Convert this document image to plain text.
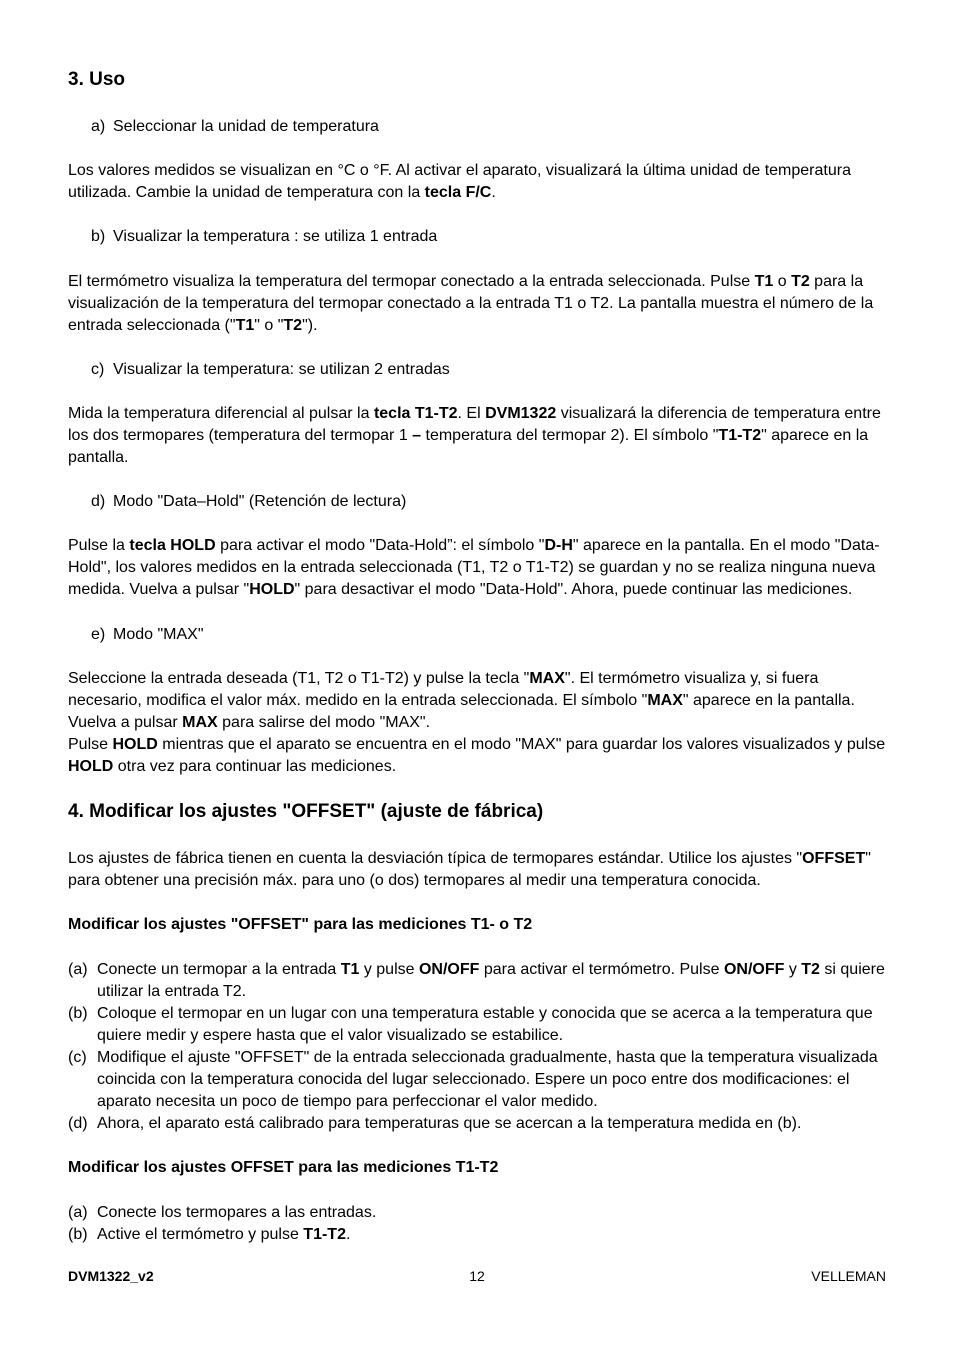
3. Uso

a) Seleccionar la unidad de temperatura

Los valores medidos se visualizan en °C o °F. Al activar el aparato, visualizará la última unidad de temperatura utilizada. Cambie la unidad de temperatura con la tecla F/C.

b) Visualizar la temperatura : se utiliza 1 entrada

El termómetro visualiza la temperatura del termopar conectado a la entrada seleccionada. Pulse T1 o T2 para la visualización de la temperatura del termopar conectado a la entrada T1 o T2. La pantalla muestra el número de la entrada seleccionada ("T1" o "T2").

c) Visualizar la temperatura: se utilizan 2 entradas

Mida la temperatura diferencial al pulsar la tecla T1-T2. El DVM1322 visualizará la diferencia de temperatura entre los dos termopares (temperatura del termopar 1 – temperatura del termopar 2). El símbolo "T1-T2" aparece en la pantalla.

d) Modo "Data–Hold" (Retención de lectura)

Pulse la tecla HOLD para activar el modo "Data-Hold”: el símbolo "D-H" aparece en la pantalla. En el modo "Data-Hold", los valores medidos en la entrada seleccionada (T1, T2 o T1-T2) se guardan y no se realiza ninguna nueva medida. Vuelva a pulsar "HOLD" para desactivar el modo "Data-Hold". Ahora, puede continuar las mediciones.

e) Modo "MAX"

Seleccione la entrada deseada (T1, T2 o T1-T2) y pulse la tecla "MAX". El termómetro visualiza y, si fuera necesario, modifica el valor máx. medido en la entrada seleccionada. El símbolo "MAX" aparece en la pantalla. Vuelva a pulsar MAX para salirse del modo "MAX".

Pulse HOLD mientras que el aparato se encuentra en el modo "MAX" para guardar los valores visualizados y pulse HOLD otra vez para continuar las mediciones.

4. Modificar los ajustes "OFFSET" (ajuste de fábrica)

Los ajustes de fábrica tienen en cuenta la desviación típica de termopares estándar. Utilice los ajustes "OFFSET" para obtener una precisión máx. para uno (o dos) termopares al medir una temperatura conocida.

Modificar los ajustes "OFFSET" para las mediciones T1- o T2
(a) Conecte un termopar a la entrada T1 y pulse ON/OFF para activar el termómetro. Pulse ON/OFF y T2 si quiere utilizar la entrada T2.
(b) Coloque el termopar en un lugar con una temperatura estable y conocida que se acerca a la temperatura que quiere medir y espere hasta que el valor visualizado se estabilice.
(c) Modifique el ajuste "OFFSET" de la entrada seleccionada gradualmente, hasta que la temperatura visualizada coincida con la temperatura conocida del lugar seleccionado. Espere un poco entre dos modificaciones: el aparato necesita un poco de tiempo para perfeccionar el valor medido.
(d) Ahora, el aparato está calibrado para temperaturas que se acercan a la temperatura medida en (b).
Modificar los ajustes OFFSET para las mediciones T1-T2
(a) Conecte los termopares a las entradas.
(b) Active el termómetro y pulse T1-T2.
DVM1322_v2	12	VELLEMAN
